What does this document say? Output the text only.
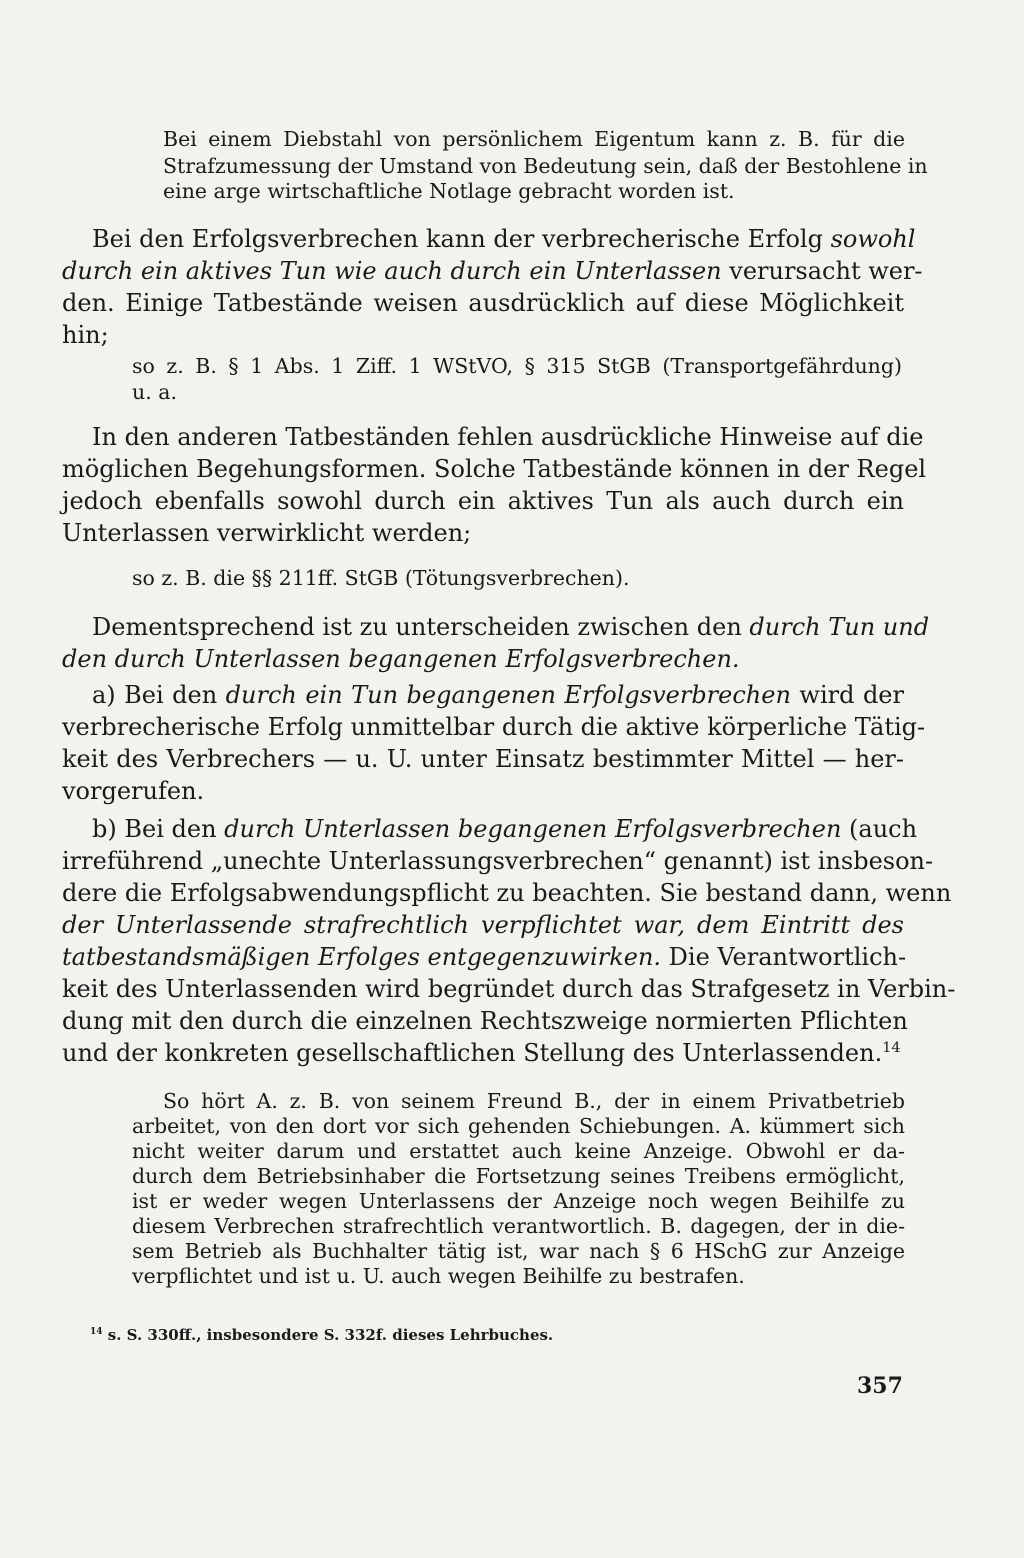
Bei einem Diebstahl von persönlichem Eigentum kann z. B. für die
Strafzumessung der Umstand von Bedeutung sein, daß der Bestohlene in
eine arge wirtschaftliche Notlage gebracht worden ist.
Bei den Erfolgsverbrechen kann der verbrecherische Erfolg sowohl
durch ein aktives Tun wie auch durch ein Unterlassen verursacht wer-
den. Einige Tatbestände weisen ausdrücklich auf diese Möglichkeit
hin;
so z. B. § 1 Abs. 1 Ziff. 1 WStVO, § 315 StGB (Transportgefährdung)
u. a.
In den anderen Tatbeständen fehlen ausdrückliche Hinweise auf die
möglichen Begehungsformen. Solche Tatbestände können in der Regel
jedoch ebenfalls sowohl durch ein aktives Tun als auch durch ein
Unterlassen verwirklicht werden;
so z. B. die §§ 211ff. StGB (Tötungsverbrechen).
Dementsprechend ist zu unterscheiden zwischen den durch Tun und
den durch Unterlassen begangenen Erfolgsverbrechen.
a) Bei den durch ein Tun begangenen Erfolgsverbrechen wird der
verbrecherische Erfolg unmittelbar durch die aktive körperliche Tätig-
keit des Verbrechers — u. U. unter Einsatz bestimmter Mittel — her-
vorgerufen.
b) Bei den durch Unterlassen begangenen Erfolgsverbrechen (auch
irreführend „unechte Unterlassungsverbrechen“ genannt) ist insbeson-
dere die Erfolgsabwendungspflicht zu beachten. Sie bestand dann, wenn
der Unterlassende strafrechtlich verpflichtet war, dem Eintritt des
tatbestandsmäßigen Erfolges entgegenzuwirken. Die Verantwortlich-
keit des Unterlassenden wird begründet durch das Strafgesetz in Verbin-
dung mit den durch die einzelnen Rechtszweige normierten Pflichten
und der konkreten gesellschaftlichen Stellung des Unterlassenden.$^{14}$
So hört A. z. B. von seinem Freund B., der in einem Privatbetrieb
arbeitet, von den dort vor sich gehenden Schiebungen. A. kümmert sich
nicht weiter darum und erstattet auch keine Anzeige. Obwohl er da-
durch dem Betriebsinhaber die Fortsetzung seines Treibens ermöglicht,
ist er weder wegen Unterlassens der Anzeige noch wegen Beihilfe zu
diesem Verbrechen strafrechtlich verantwortlich. B. dagegen, der in die-
sem Betrieb als Buchhalter tätig ist, war nach § 6 HSchG zur Anzeige
verpflichtet und ist u. U. auch wegen Beihilfe zu bestrafen.
$^{14}$ s. S. 330ff., insbesondere S. 332f. dieses Lehrbuches.
357
